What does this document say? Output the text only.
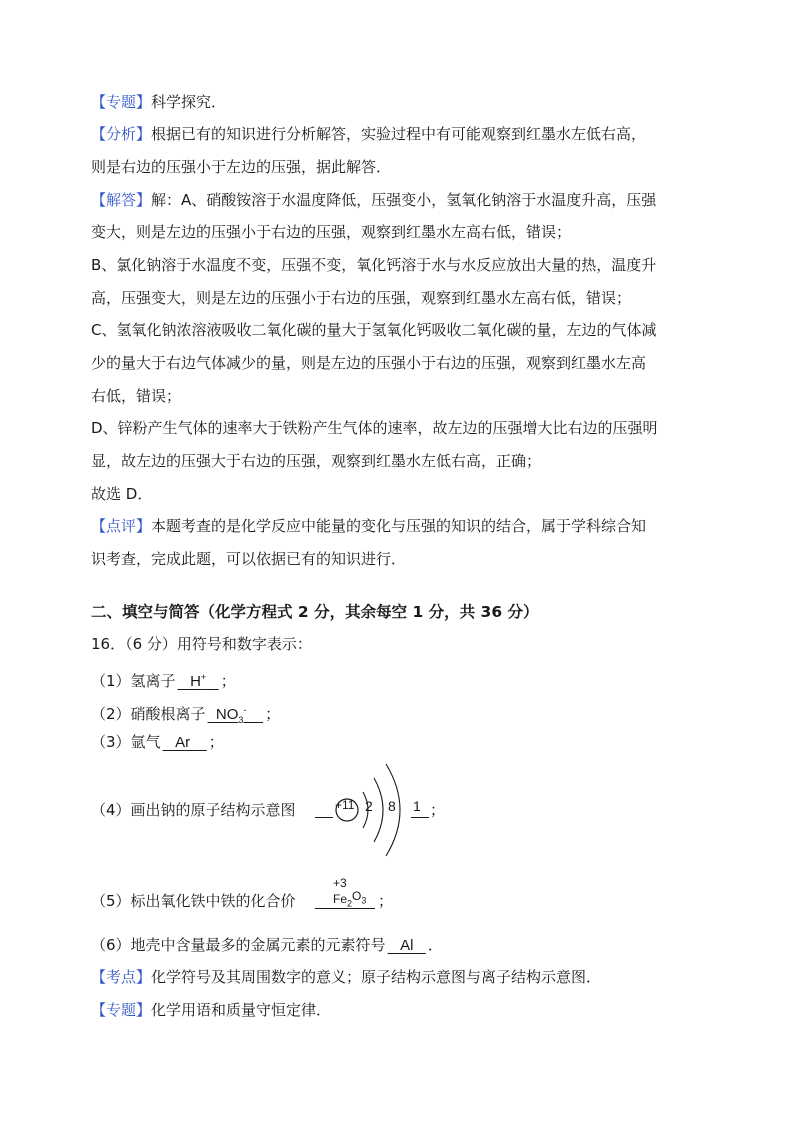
【专题】科学探究．
【分析】根据已有的知识进行分析解答，实验过程中有可能观察到红墨水左低右高，
则是右边的压强小于左边的压强，据此解答．
【解答】解：A、硝酸铵溶于水温度降低，压强变小，氢氧化钠溶于水温度升高，压强
变大，则是左边的压强小于右边的压强，观察到红墨水左高右低，错误；
B、氯化钠溶于水温度不变，压强不变，氧化钙溶于水与水反应放出大量的热，温度升
高，压强变大，则是左边的压强小于右边的压强，观察到红墨水左高右低，错误；
C、氢氧化钠浓溶液吸收二氧化碳的量大于氢氧化钙吸收二氧化碳的量，左边的气体减
少的量大于右边气体减少的量，则是左边的压强小于右边的压强，观察到红墨水左高
右低，错误；
D、锌粉产生气体的速率大于铁粉产生气体的速率，故左边的压强增大比右边的压强明
显，故左边的压强大于右边的压强，观察到红墨水左低右高，正确；
故选 D．
【点评】本题考查的是化学反应中能量的变化与压强的知识的结合，属于学科综合知
识考查，完成此题，可以依据已有的知识进行．
二、填空与简答（化学方程式 2 分，其余每空 1 分，共 36 分）
16．（6 分）用符号和数字表示：
（1）氢离子 H+ ；
（2）硝酸根离子 $NO_3^-$ ；
（3）氩气 Ar ；
（4）画出钠的原子结构示意图	+11 2 8 1 ；
（5）标出氧化铁中铁的化合价
+3
$Fe_2$
$O_3$ ；
（6）地壳中含量最多的金属元素的元素符号 Al ．
【考点】化学符号及其周围数字的意义；原子结构示意图与离子结构示意图．
【专题】化学用语和质量守恒定律．
